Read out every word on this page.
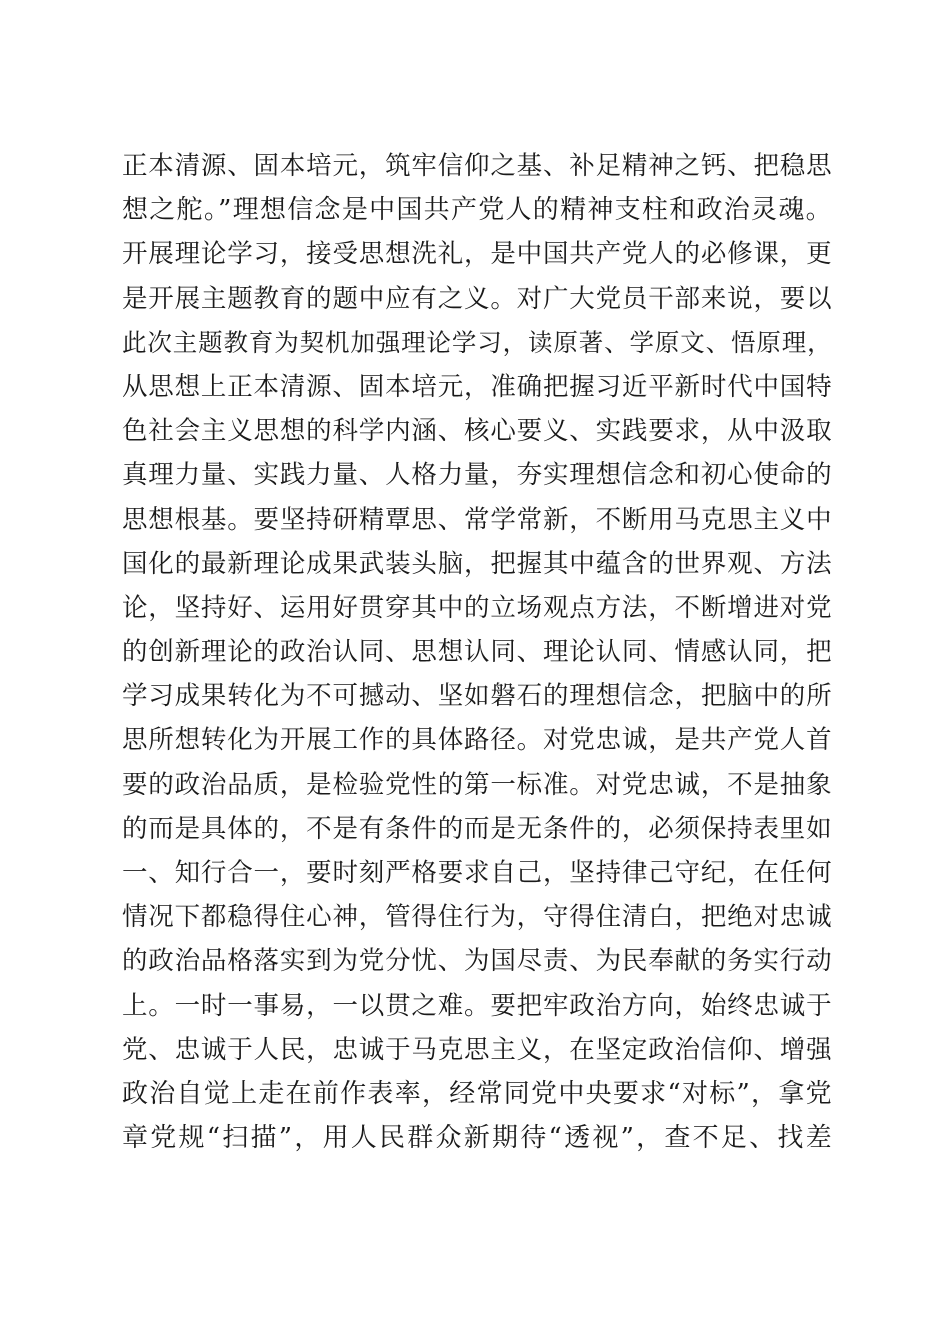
正本清源、固本培元，筑牢信仰之基、补足精神之钙、把稳思
想之舵。”理想信念是中国共产党人的精神支柱和政治灵魂。
开展理论学习，接受思想洗礼，是中国共产党人的必修课，更
是开展主题教育的题中应有之义。对广大党员干部来说，要以
此次主题教育为契机加强理论学习，读原著、学原文、悟原理，
从思想上正本清源、固本培元，准确把握习近平新时代中国特
色社会主义思想的科学内涵、核心要义、实践要求，从中汲取
真理力量、实践力量、人格力量，夯实理想信念和初心使命的
思想根基。要坚持研精覃思、常学常新，不断用马克思主义中
国化的最新理论成果武装头脑，把握其中蕴含的世界观、方法
论，坚持好、运用好贯穿其中的立场观点方法，不断增进对党
的创新理论的政治认同、思想认同、理论认同、情感认同，把
学习成果转化为不可撼动、坚如磐石的理想信念，把脑中的所
思所想转化为开展工作的具体路径。对党忠诚，是共产党人首
要的政治品质，是检验党性的第一标准。对党忠诚，不是抽象
的而是具体的，不是有条件的而是无条件的，必须保持表里如
一、知行合一，要时刻严格要求自己，坚持律己守纪，在任何
情况下都稳得住心神，管得住行为，守得住清白，把绝对忠诚
的政治品格落实到为党分忧、为国尽责、为民奉献的务实行动
上。一时一事易，一以贯之难。要把牢政治方向，始终忠诚于
党、忠诚于人民，忠诚于马克思主义，在坚定政治信仰、增强
政治自觉上走在前作表率，经常同党中央要求“对标”，拿党
章党规“扫描”，用人民群众新期待“透视”，查不足、找差
